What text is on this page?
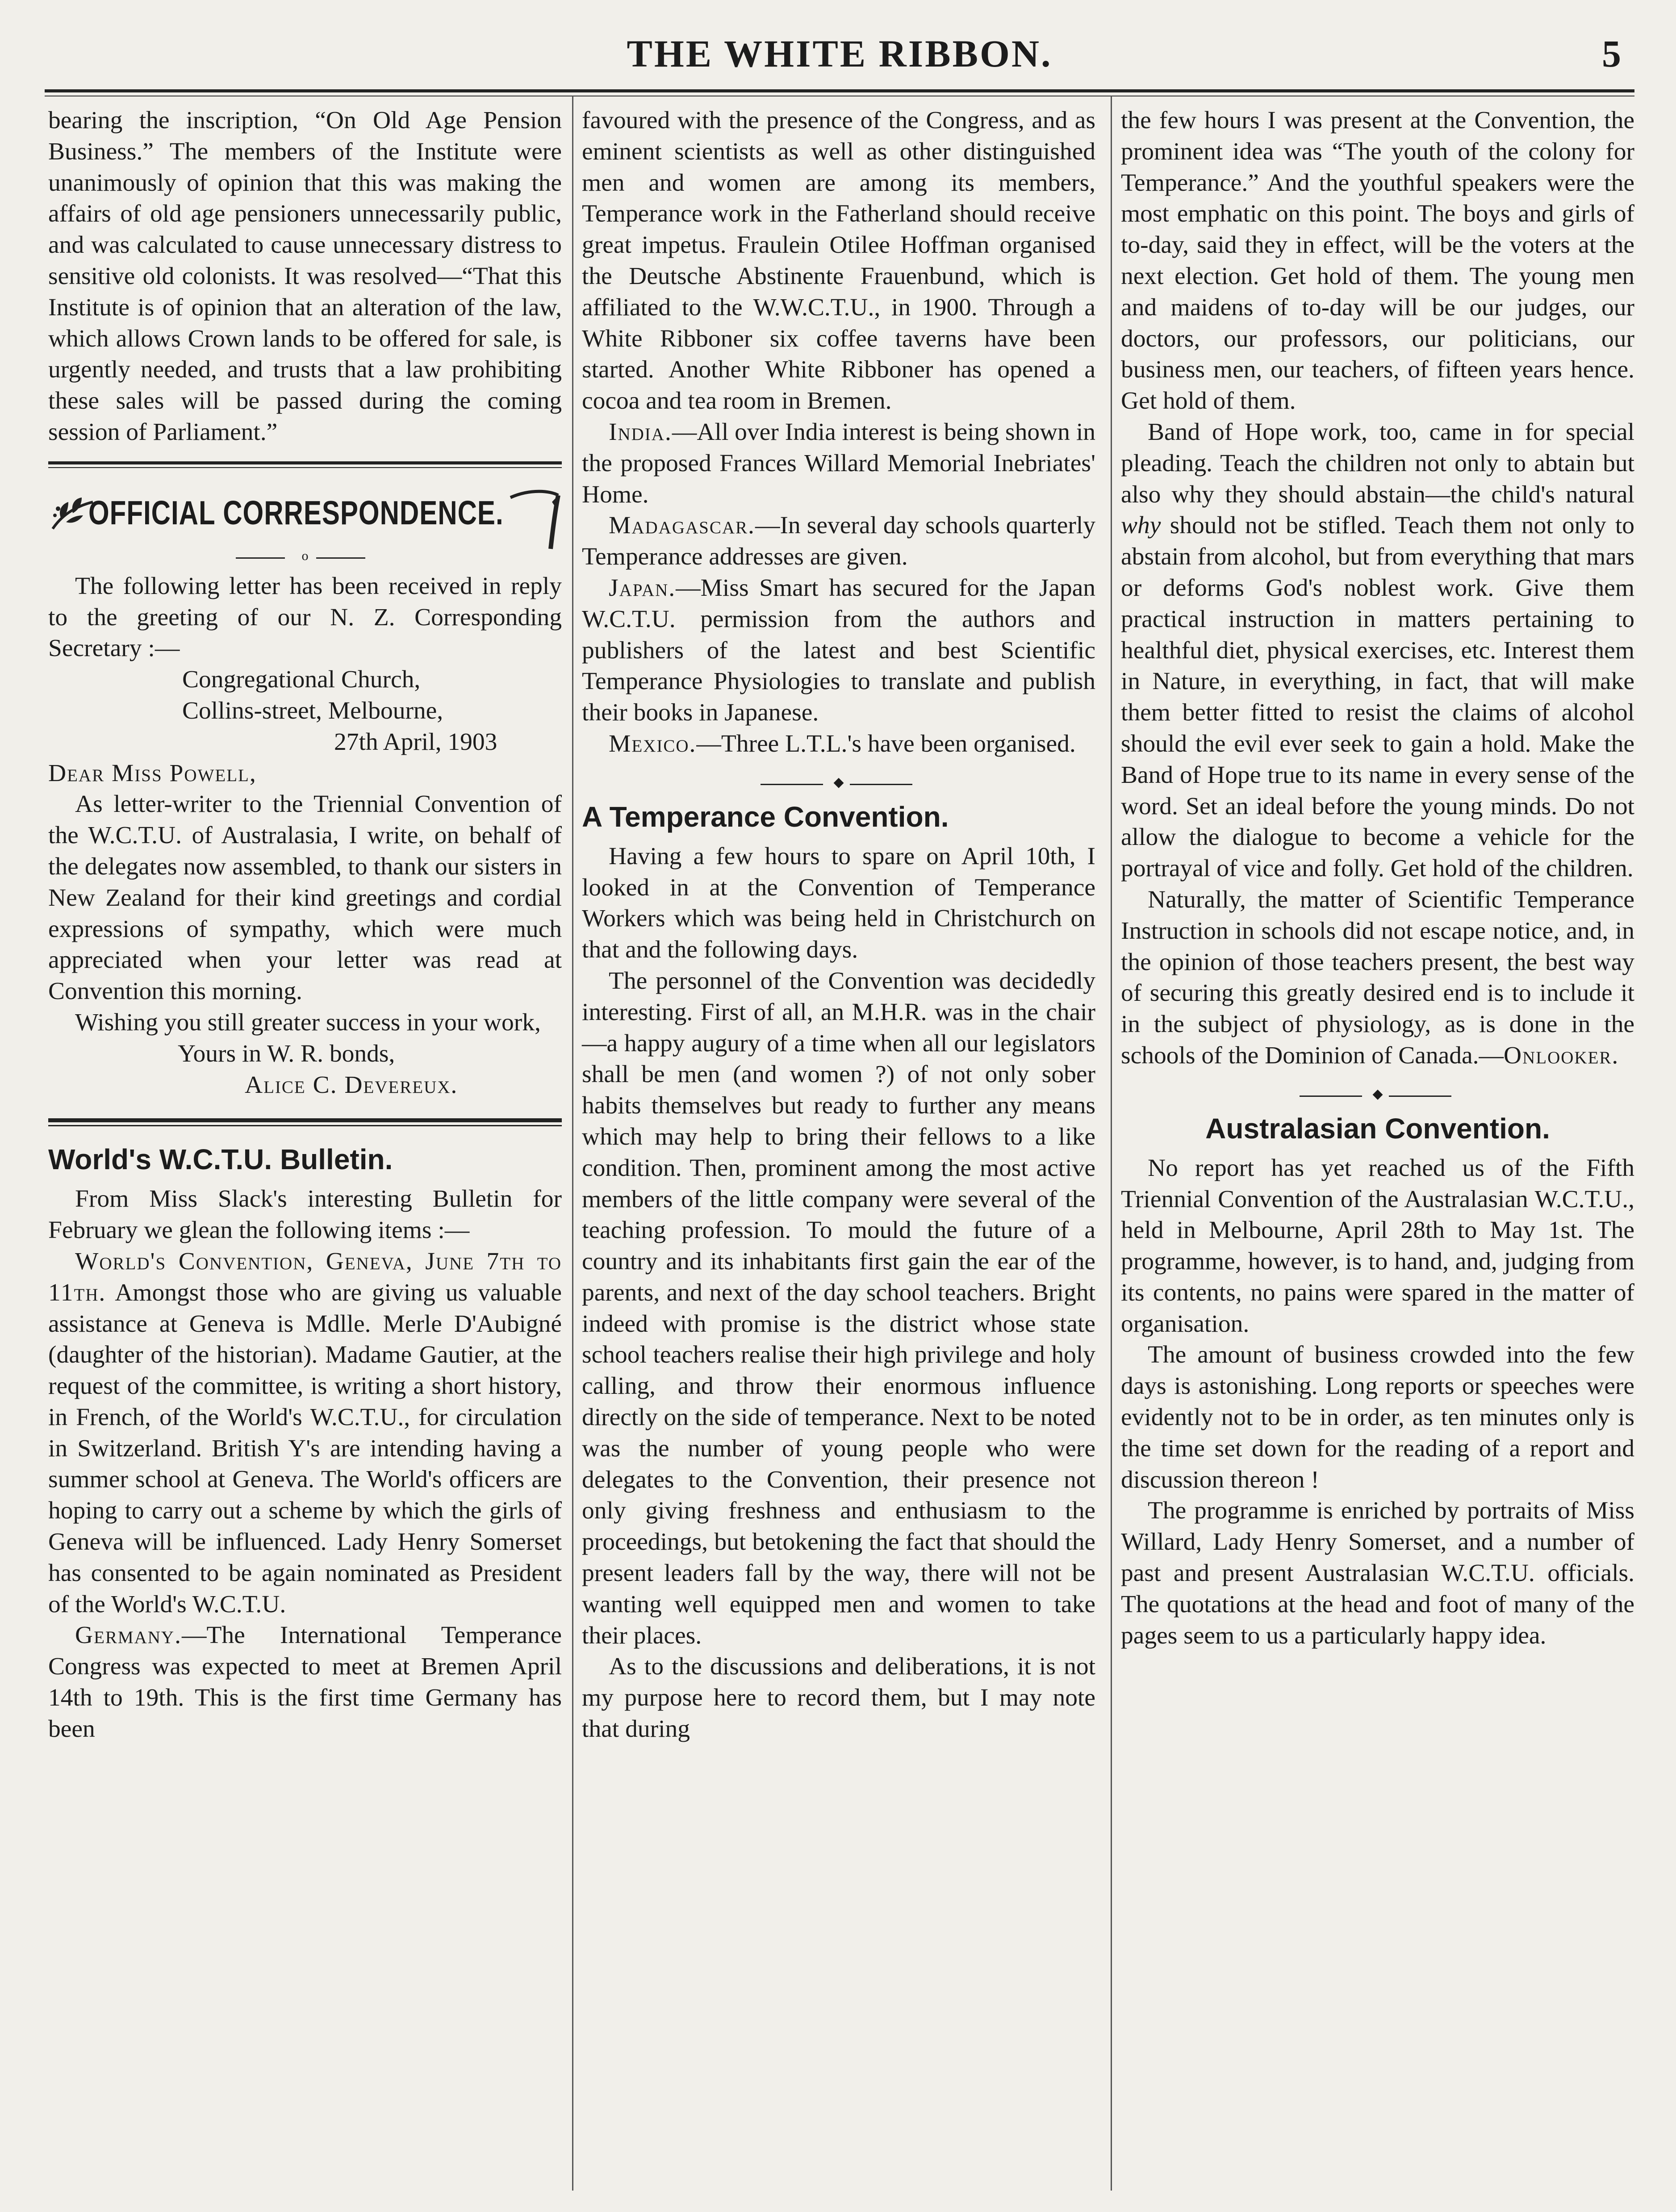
THE WHITE RIBBON.	5

bearing the inscription, “On Old Age Pension Business.” The members of the Institute were unanimously of opinion that this was making the affairs of old age pensioners unnecessarily public, and was calculated to cause unnecessary distress to sensitive old colonists. It was resolved—“That this Institute is of opinion that an alteration of the law, which allows Crown lands to be offered for sale, is urgently needed, and trusts that a law prohibiting these sales will be passed during the coming session of Parliament.”

OFFICIAL CORRESPONDENCE.
o

The following letter has been received in reply to the greeting of our N. Z. Corresponding Secretary :—

Congregational Church,
Collins-street, Melbourne,
27th April, 1903

Dear Miss Powell,

As letter-writer to the Triennial Convention of the W.C.T.U. of Australasia, I write, on behalf of the delegates now assembled, to thank our sisters in New Zealand for their kind greetings and cordial expressions of sympathy, which were much appreciated when your letter was read at Convention this morning.

Wishing you still greater success in your work,

Yours in W. R. bonds,
Alice C. Devereux.

World's W.C.T.U. Bulletin.

From Miss Slack's interesting Bulletin for February we glean the following items :—

World's Convention, Geneva, June 7th to 11th. Amongst those who are giving us valuable assistance at Geneva is Mdlle. Merle D'Aubigné (daughter of the historian). Madame Gautier, at the request of the committee, is writing a short history, in French, of the World's W.C.T.U., for circulation in Switzerland. British Y's are intending having a summer school at Geneva. The World's officers are hoping to carry out a scheme by which the girls of Geneva will be influenced. Lady Henry Somerset has consented to be again nominated as President of the World's W.C.T.U.

Germany.—The International Temperance Congress was expected to meet at Bremen April 14th to 19th. This is the first time Germany has been

favoured with the presence of the Congress, and as eminent scientists as well as other distinguished men and women are among its members, Temperance work in the Fatherland should receive great impetus. Fraulein Otilee Hoffman organised the Deutsche Abstinente Frauenbund, which is affiliated to the W.W.C.T.U., in 1900. Through a White Ribboner six coffee taverns have been started. Another White Ribboner has opened a cocoa and tea room in Bremen.

India.—All over India interest is being shown in the proposed Frances Willard Memorial Inebriates' Home.

Madagascar.—In several day schools quarterly Temperance addresses are given.

Japan.—Miss Smart has secured for the Japan W.C.T.U. permission from the authors and publishers of the latest and best Scientific Temperance Physiologies to translate and publish their books in Japanese.

Mexico.—Three L.T.L.'s have been organised.

◆
A Temperance Convention.

Having a few hours to spare on April 10th, I looked in at the Convention of Temperance Workers which was being held in Christchurch on that and the following days.

The personnel of the Convention was decidedly interesting. First of all, an M.H.R. was in the chair—a happy augury of a time when all our legislators shall be men (and women ?) of not only sober habits themselves but ready to further any means which may help to bring their fellows to a like condition. Then, prominent among the most active members of the little company were several of the teaching profession. To mould the future of a country and its inhabitants first gain the ear of the parents, and next of the day school teachers. Bright indeed with promise is the district whose state school teachers realise their high privilege and holy calling, and throw their enormous influence directly on the side of temperance. Next to be noted was the number of young people who were delegates to the Convention, their presence not only giving freshness and enthusiasm to the proceedings, but betokening the fact that should the present leaders fall by the way, there will not be wanting well equipped men and women to take their places.

As to the discussions and deliberations, it is not my purpose here to record them, but I may note that during

the few hours I was present at the Convention, the prominent idea was “The youth of the colony for Temperance.” And the youthful speakers were the most emphatic on this point. The boys and girls of to-day, said they in effect, will be the voters at the next election. Get hold of them. The young men and maidens of to-day will be our judges, our doctors, our professors, our politicians, our business men, our teachers, of fifteen years hence. Get hold of them.

Band of Hope work, too, came in for special pleading. Teach the children not only to abtain but also why they should abstain—the child's natural why should not be stifled. Teach them not only to abstain from alcohol, but from everything that mars or deforms God's noblest work. Give them practical instruction in matters pertaining to healthful diet, physical exercises, etc. Interest them in Nature, in everything, in fact, that will make them better fitted to resist the claims of alcohol should the evil ever seek to gain a hold. Make the Band of Hope true to its name in every sense of the word. Set an ideal before the young minds. Do not allow the dialogue to become a vehicle for the portrayal of vice and folly. Get hold of the children.

Naturally, the matter of Scientific Temperance Instruction in schools did not escape notice, and, in the opinion of those teachers present, the best way of securing this greatly desired end is to include it in the subject of physiology, as is done in the schools of the Dominion of Canada.—Onlooker.

◆
Australasian Convention.

No report has yet reached us of the Fifth Triennial Convention of the Australasian W.C.T.U., held in Melbourne, April 28th to May 1st. The programme, however, is to hand, and, judging from its contents, no pains were spared in the matter of organisation.

The amount of business crowded into the few days is astonishing. Long reports or speeches were evidently not to be in order, as ten minutes only is the time set down for the reading of a report and discussion thereon !

The programme is enriched by portraits of Miss Willard, Lady Henry Somerset, and a number of past and present Australasian W.C.T.U. officials. The quotations at the head and foot of many of the pages seem to us a particularly happy idea.
